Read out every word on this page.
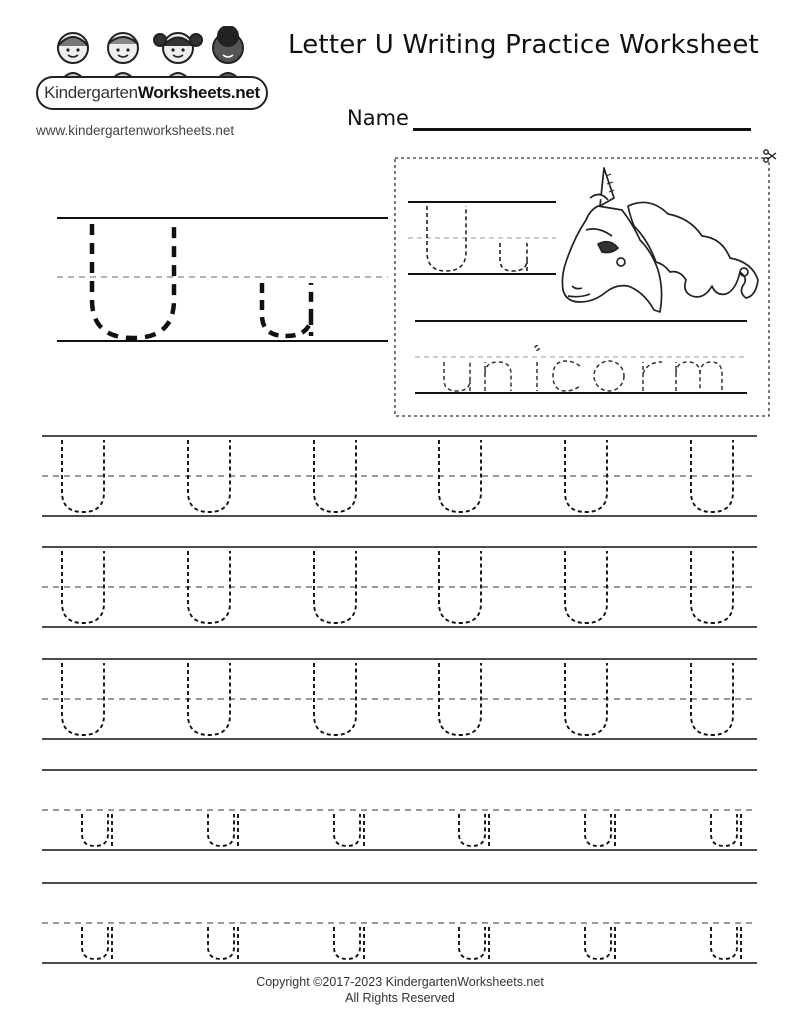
KindergartenWorksheets.net
www.kindergartenworksheets.net
Letter U Writing Practice Worksheet
Name
Copyright ©2017-2023 KindergartenWorksheets.net
All Rights Reserved
